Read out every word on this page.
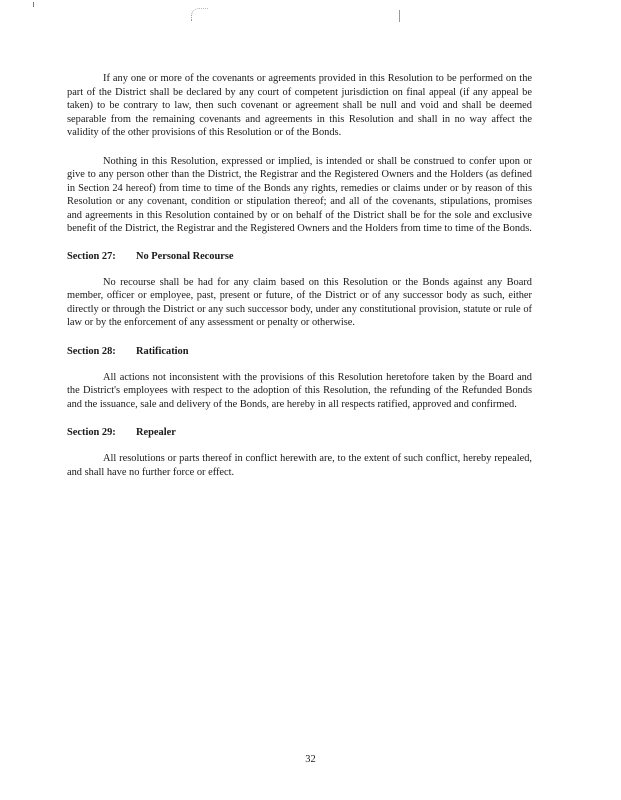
If any one or more of the covenants or agreements provided in this Resolution to be performed on the part of the District shall be declared by any court of competent jurisdiction on final appeal (if any appeal be taken) to be contrary to law, then such covenant or agreement shall be null and void and shall be deemed separable from the remaining covenants and agreements in this Resolution and shall in no way affect the validity of the other provisions of this Resolution or of the Bonds.

Nothing in this Resolution, expressed or implied, is intended or shall be construed to confer upon or give to any person other than the District, the Registrar and the Registered Owners and the Holders (as defined in Section 24 hereof) from time to time of the Bonds any rights, remedies or claims under or by reason of this Resolution or any covenant, condition or stipulation thereof; and all of the covenants, stipulations, promises and agreements in this Resolution contained by or on behalf of the District shall be for the sole and exclusive benefit of the District, the Registrar and the Registered Owners and the Holders from time to time of the Bonds.

Section 27: No Personal Recourse

No recourse shall be had for any claim based on this Resolution or the Bonds against any Board member, officer or employee, past, present or future, of the District or of any successor body as such, either directly or through the District or any such successor body, under any constitutional provision, statute or rule of law or by the enforcement of any assessment or penalty or otherwise.

Section 28: Ratification

All actions not inconsistent with the provisions of this Resolution heretofore taken by the Board and the District's employees with respect to the adoption of this Resolution, the refunding of the Refunded Bonds and the issuance, sale and delivery of the Bonds, are hereby in all respects ratified, approved and confirmed.

Section 29: Repealer

All resolutions or parts thereof in conflict herewith are, to the extent of such conflict, hereby repealed, and shall have no further force or effect.

32
